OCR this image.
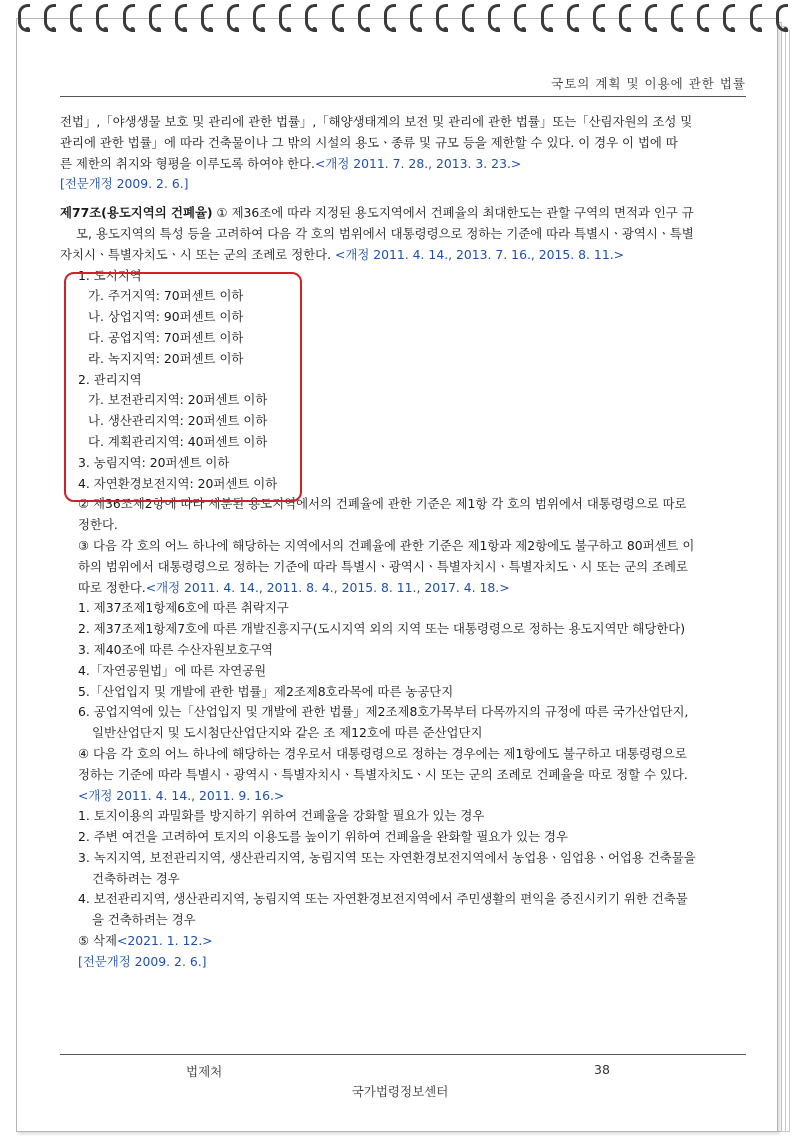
국토의 계획 및 이용에 관한 법률
전법」,「야생생물 보호 및 관리에 관한 법률」,「해양생태계의 보전 및 관리에 관한 법률」또는「산림자원의 조성 및
관리에 관한 법률」에 따라 건축물이나 그 밖의 시설의 용도ㆍ종류 및 규모 등을 제한할 수 있다. 이 경우 이 법에 따
른 제한의 취지와 형평을 이루도록 하여야 한다.<개정 2011. 7. 28., 2013. 3. 23.>
[전문개정 2009. 2. 6.]
제77조(용도지역의 건폐율) ① 제36조에 따라 지정된 용도지역에서 건폐율의 최대한도는 관할 구역의 면적과 인구 규
모, 용도지역의 특성 등을 고려하여 다음 각 호의 범위에서 대통령령으로 정하는 기준에 따라 특별시ㆍ광역시ㆍ특별
자치시ㆍ특별자치도ㆍ시 또는 군의 조례로 정한다. <개정 2011. 4. 14., 2013. 7. 16., 2015. 8. 11.>
1. 도시지역
가. 주거지역: 70퍼센트 이하
나. 상업지역: 90퍼센트 이하
다. 공업지역: 70퍼센트 이하
라. 녹지지역: 20퍼센트 이하
2. 관리지역
가. 보전관리지역: 20퍼센트 이하
나. 생산관리지역: 20퍼센트 이하
다. 계획관리지역: 40퍼센트 이하
3. 농림지역: 20퍼센트 이하
4. 자연환경보전지역: 20퍼센트 이하
② 제36조제2항에 따라 세분된 용도지역에서의 건폐율에 관한 기준은 제1항 각 호의 범위에서 대통령령으로 따로
정한다.
③ 다음 각 호의 어느 하나에 해당하는 지역에서의 건폐율에 관한 기준은 제1항과 제2항에도 불구하고 80퍼센트 이
하의 범위에서 대통령령으로 정하는 기준에 따라 특별시ㆍ광역시ㆍ특별자치시ㆍ특별자치도ㆍ시 또는 군의 조례로
따로 정한다.<개정 2011. 4. 14., 2011. 8. 4., 2015. 8. 11., 2017. 4. 18.>
1. 제37조제1항제6호에 따른 취락지구
2. 제37조제1항제7호에 따른 개발진흥지구(도시지역 외의 지역 또는 대통령령으로 정하는 용도지역만 해당한다)
3. 제40조에 따른 수산자원보호구역
4.「자연공원법」에 따른 자연공원
5.「산업입지 및 개발에 관한 법률」제2조제8호라목에 따른 농공단지
6. 공업지역에 있는「산업입지 및 개발에 관한 법률」제2조제8호가목부터 다목까지의 규정에 따른 국가산업단지,
일반산업단지 및 도시첨단산업단지와 같은 조 제12호에 따른 준산업단지
④ 다음 각 호의 어느 하나에 해당하는 경우로서 대통령령으로 정하는 경우에는 제1항에도 불구하고 대통령령으로
정하는 기준에 따라 특별시ㆍ광역시ㆍ특별자치시ㆍ특별자치도ㆍ시 또는 군의 조례로 건폐율을 따로 정할 수 있다.
<개정 2011. 4. 14., 2011. 9. 16.>
1. 토지이용의 과밀화를 방지하기 위하여 건폐율을 강화할 필요가 있는 경우
2. 주변 여건을 고려하여 토지의 이용도를 높이기 위하여 건폐율을 완화할 필요가 있는 경우
3. 녹지지역, 보전관리지역, 생산관리지역, 농림지역 또는 자연환경보전지역에서 농업용ㆍ임업용ㆍ어업용 건축물을
건축하려는 경우
4. 보전관리지역, 생산관리지역, 농림지역 또는 자연환경보전지역에서 주민생활의 편익을 증진시키기 위한 건축물
을 건축하려는 경우
⑤ 삭제<2021. 1. 12.>
[전문개정 2009. 2. 6.]
법제처	38
국가법령정보센터
